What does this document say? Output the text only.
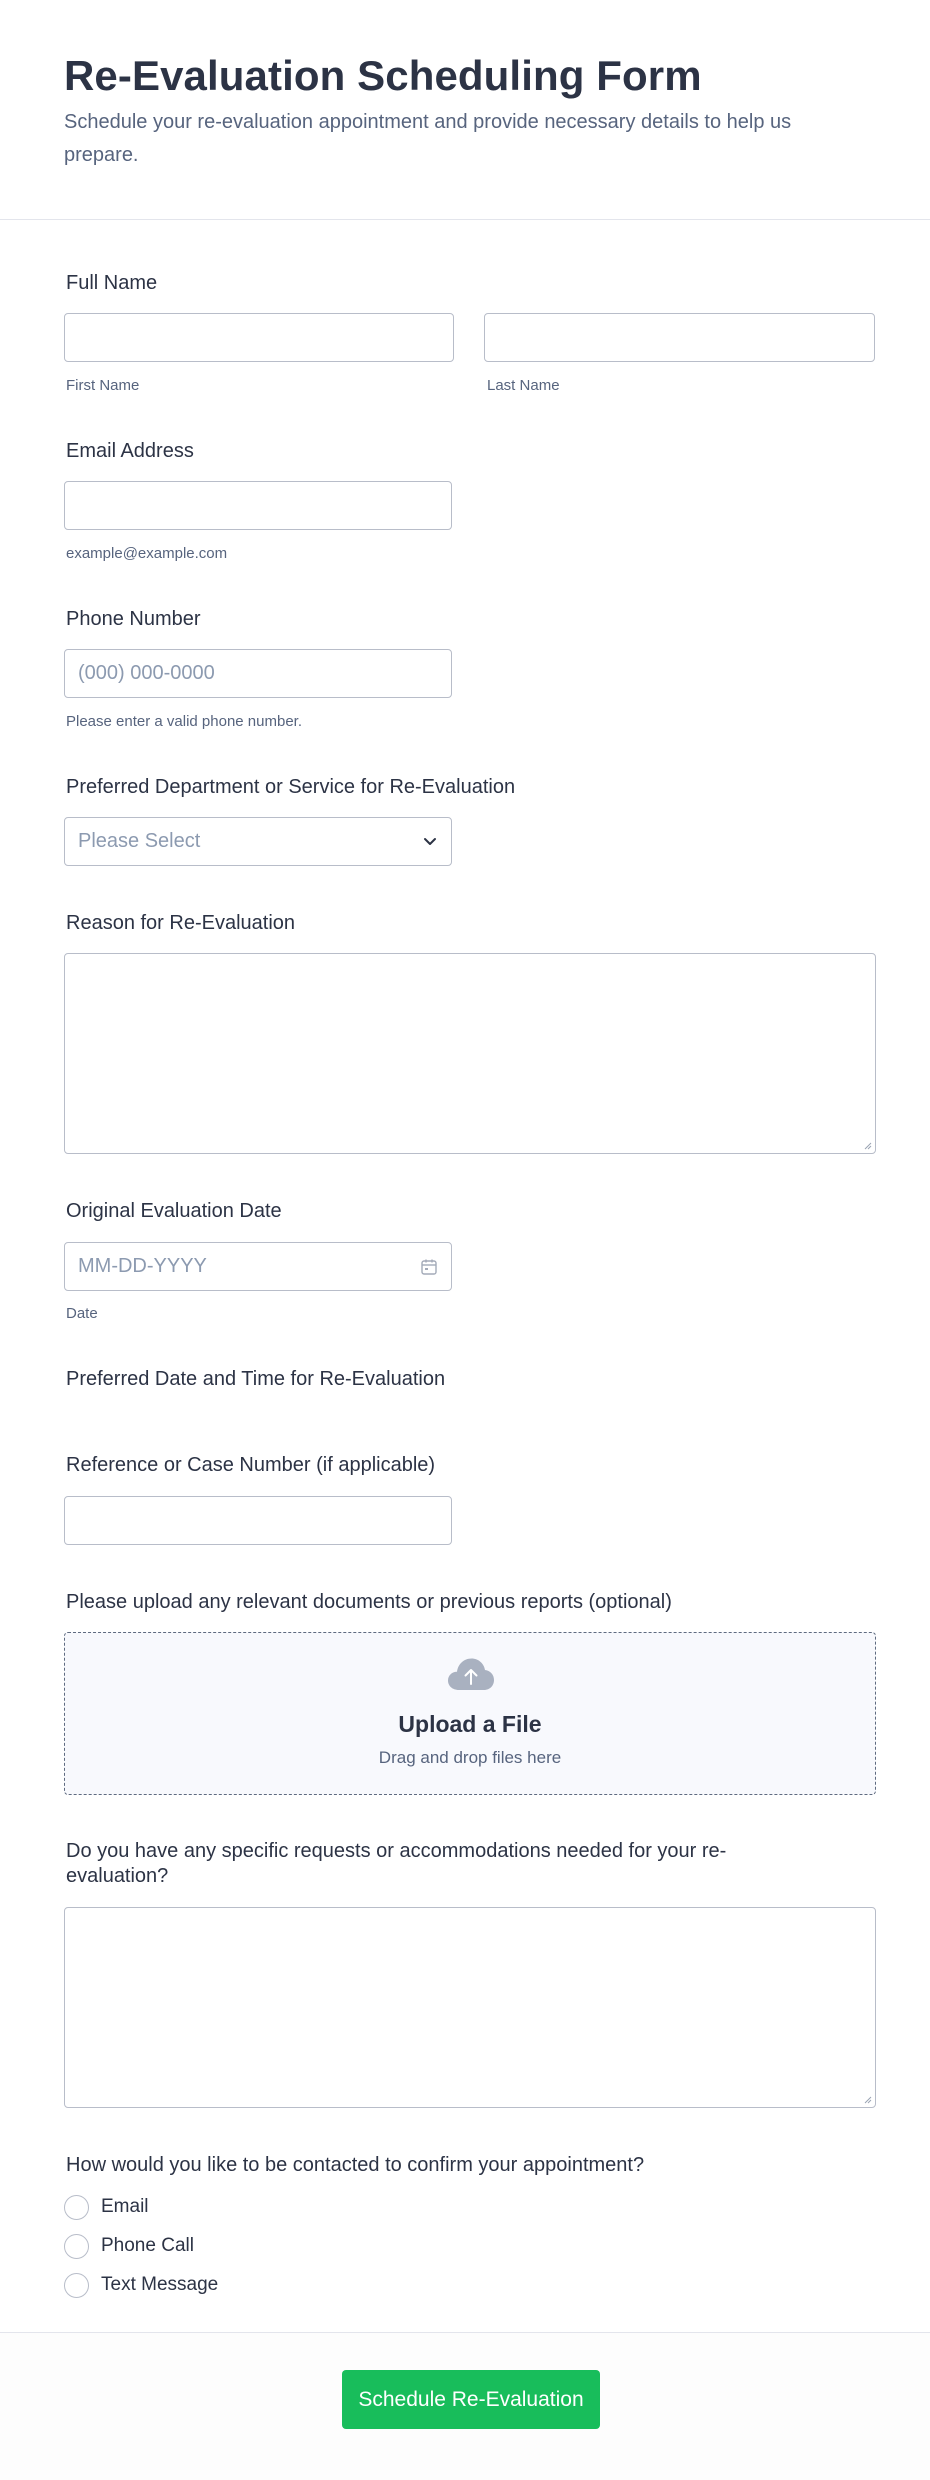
Re-Evaluation Scheduling Form

Schedule your re-evaluation appointment and provide necessary details to help us prepare.

Full Name
First Name	Last Name
Email Address
example@example.com
Phone Number
(000) 000-0000
Please enter a valid phone number.
Preferred Department or Service for Re-Evaluation
Please Select
Reason for Re-Evaluation
Original Evaluation Date
MM-DD-YYYY
Date
Preferred Date and Time for Re-Evaluation
Reference or Case Number (if applicable)
Please upload any relevant documents or previous reports (optional)
Upload a File
Drag and drop files here
Do you have any specific requests or accommodations needed for your re-
evaluation?
How would you like to be contacted to confirm your appointment?
Email
Phone Call
Text Message
Schedule Re-Evaluation
